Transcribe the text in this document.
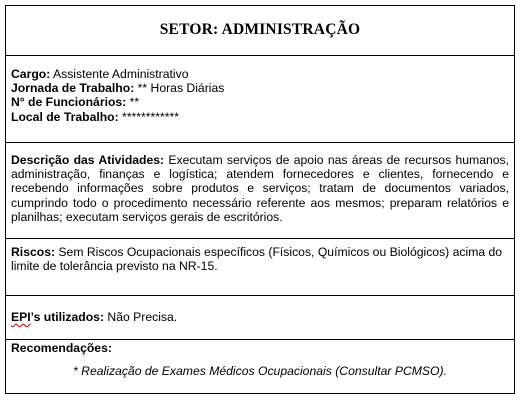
SETOR: ADMINISTRAÇÃO
Cargo: Assistente Administrativo
Jornada de Trabalho: ** Horas Diárias
N° de Funcionários: **
Local de Trabalho: ************
Descrição das Atividades: Executam serviços de apoio nas áreas de recursos humanos, administração, finanças e logística; atendem fornecedores e clientes, fornecendo e recebendo informações sobre produtos e serviços; tratam de documentos variados, cumprindo todo o procedimento necessário referente aos mesmos; preparam relatórios e planilhas; executam serviços gerais de escritórios.
Riscos: Sem Riscos Ocupacionais específicos (Físicos, Químicos ou Biológicos) acima do limite de tolerância previsto na NR-15.
EPI’s utilizados: Não Precisa.
Recomendações:
* Realização de Exames Médicos Ocupacionais (Consultar PCMSO).
